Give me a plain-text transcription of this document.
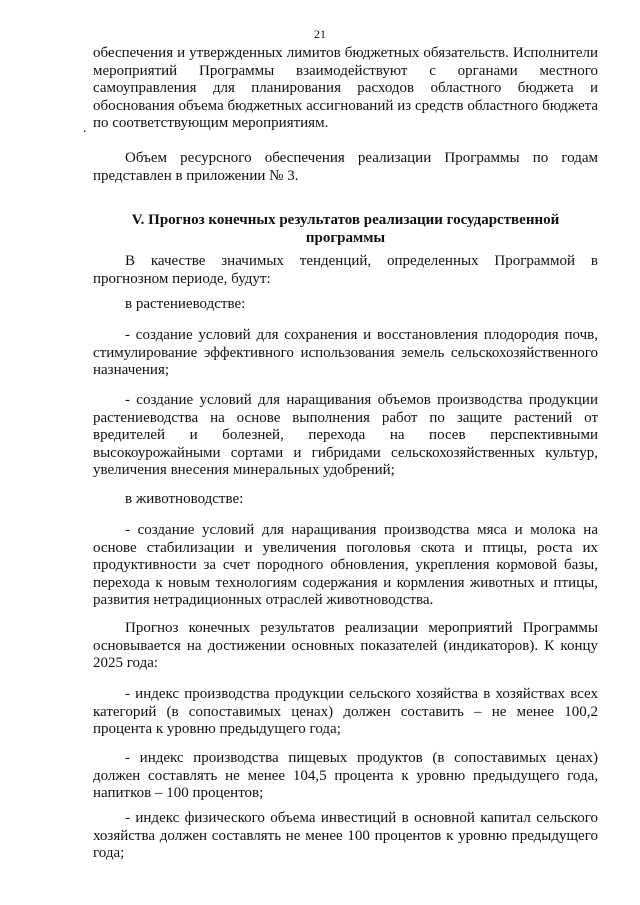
21
.

обеспечения и утвержденных лимитов бюджетных обязательств. Исполнители мероприятий Программы взаимодействуют с органами местного самоуправления для планирования расходов областного бюджета и обоснования объема бюджетных ассигнований из средств областного бюджета по соответствующим мероприятиям.

Объем ресурсного обеспечения реализации Программы по годам представлен в приложении № 3.

V. Прогноз конечных результатов реализации государственной программы

В качестве значимых тенденций, определенных Программой в прогнозном периоде, будут:

в растениеводстве:

- создание условий для сохранения и восстановления плодородия почв, стимулирование эффективного использования земель сельскохозяйственного назначения;

- создание условий для наращивания объемов производства продукции растениеводства на основе выполнения работ по защите растений от вредителей и болезней, перехода на посев перспективными высокоурожайными сортами и гибридами сельскохозяйственных культур, увеличения внесения минеральных удобрений;

в животноводстве:

- создание условий для наращивания производства мяса и молока на основе стабилизации и увеличения поголовья скота и птицы, роста их продуктивности за счет породного обновления, укрепления кормовой базы, перехода к новым технологиям содержания и кормления животных и птицы, развития нетрадиционных отраслей животноводства.

Прогноз конечных результатов реализации мероприятий Программы основывается на достижении основных показателей (индикаторов). К концу 2025 года:

- индекс производства продукции сельского хозяйства в хозяйствах всех категорий (в сопоставимых ценах) должен составить – не менее 100,2 процента к уровню предыдущего года;

- индекс производства пищевых продуктов (в сопоставимых ценах) должен составлять не менее 104,5 процента к уровню предыдущего года, напитков – 100 процентов;

- индекс физического объема инвестиций в основной капитал сельского хозяйства должен составлять не менее 100 процентов к уровню предыдущего года;
